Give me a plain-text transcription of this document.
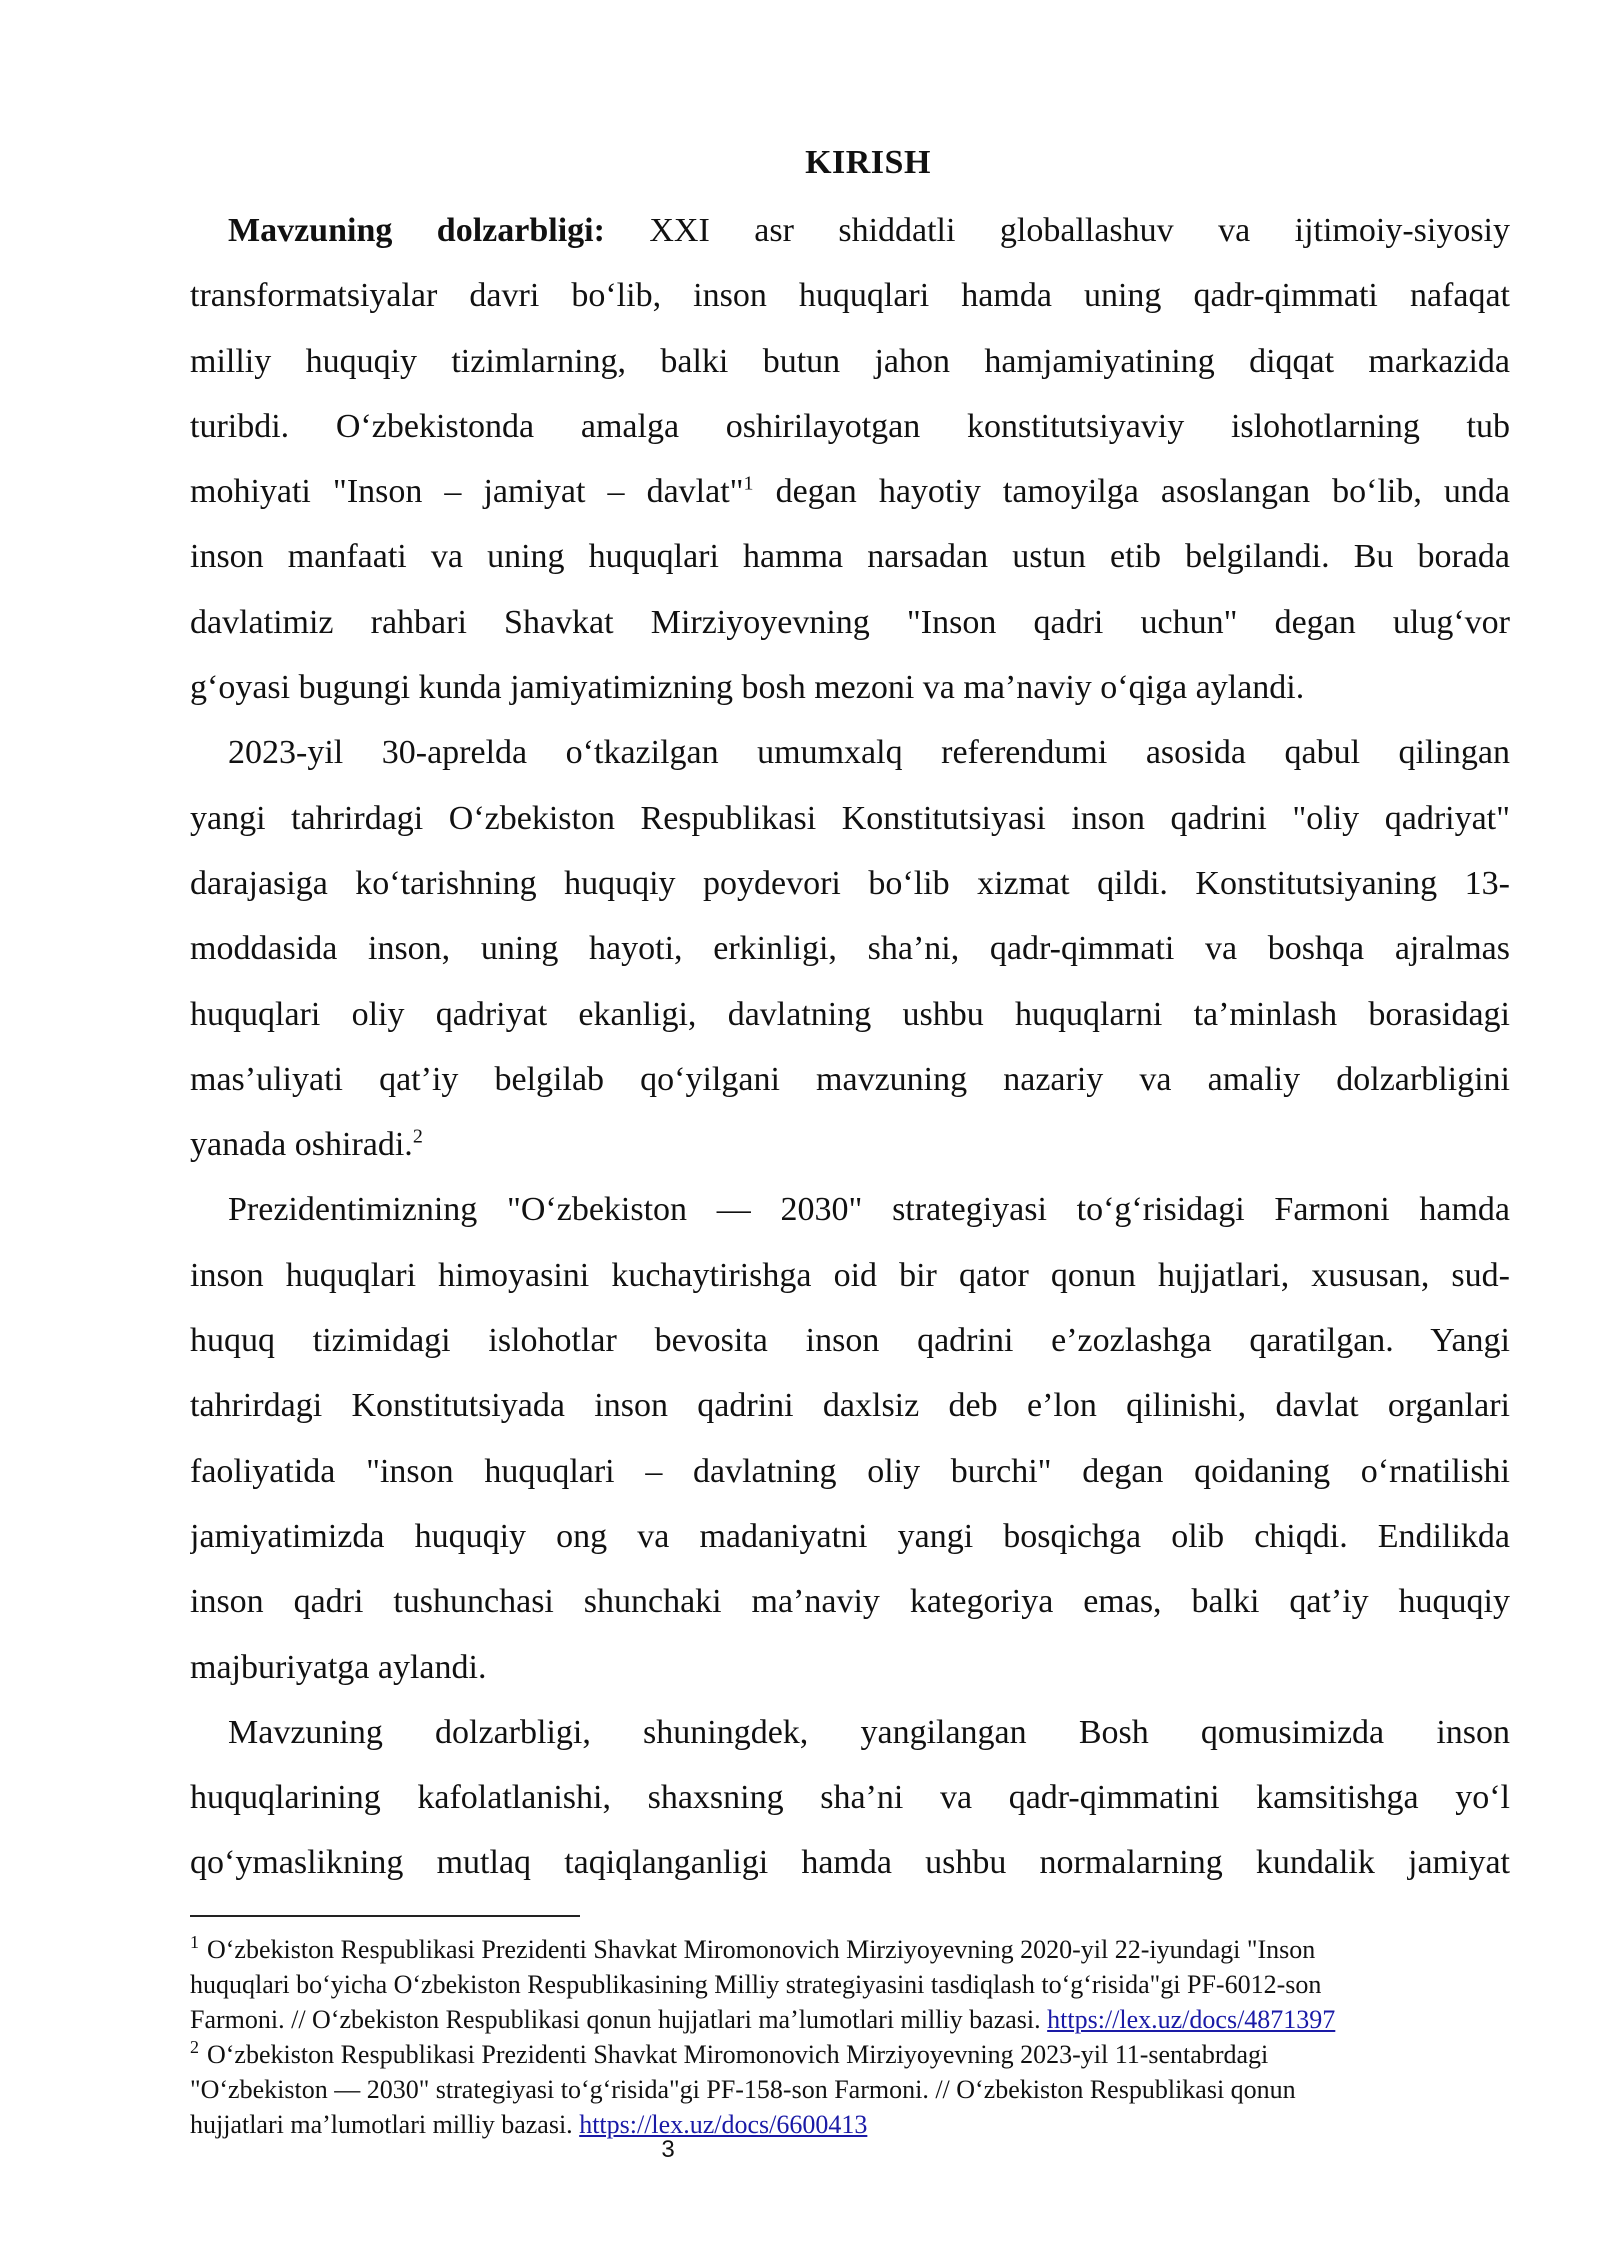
KIRISH
Mavzuning dolzarbligi: XXI asr shiddatli globallashuv va ijtimoiy-siyosiy
transformatsiyalar davri bo‘lib, inson huquqlari hamda uning qadr-qimmati nafaqat
milliy huquqiy tizimlarning, balki butun jahon hamjamiyatining diqqat markazida
turibdi. O‘zbekistonda amalga oshirilayotgan konstitutsiyaviy islohotlarning tub
mohiyati "Inson – jamiyat – davlat"$^1$ degan hayotiy tamoyilga asoslangan bo‘lib, unda
inson manfaati va uning huquqlari hamma narsadan ustun etib belgilandi. Bu borada
davlatimiz rahbari Shavkat Mirziyoyevning "Inson qadri uchun" degan ulug‘vor
g‘oyasi bugungi kunda jamiyatimizning bosh mezoni va ma’naviy o‘qiga aylandi.
2023-yil 30-aprelda o‘tkazilgan umumxalq referendumi asosida qabul qilingan
yangi tahrirdagi O‘zbekiston Respublikasi Konstitutsiyasi inson qadrini "oliy qadriyat"
darajasiga ko‘tarishning huquqiy poydevori bo‘lib xizmat qildi. Konstitutsiyaning 13-
moddasida inson, uning hayoti, erkinligi, sha’ni, qadr-qimmati va boshqa ajralmas
huquqlari oliy qadriyat ekanligi, davlatning ushbu huquqlarni ta’minlash borasidagi
mas’uliyati qat’iy belgilab qo‘yilgani mavzuning nazariy va amaliy dolzarbligini
yanada oshiradi.$^2$
Prezidentimizning "O‘zbekiston — 2030" strategiyasi to‘g‘risidagi Farmoni hamda
inson huquqlari himoyasini kuchaytirishga oid bir qator qonun hujjatlari, xususan, sud-
huquq tizimidagi islohotlar bevosita inson qadrini e’zozlashga qaratilgan. Yangi
tahrirdagi Konstitutsiyada inson qadrini daxlsiz deb e’lon qilinishi, davlat organlari
faoliyatida "inson huquqlari – davlatning oliy burchi" degan qoidaning o‘rnatilishi
jamiyatimizda huquqiy ong va madaniyatni yangi bosqichga olib chiqdi. Endilikda
inson qadri tushunchasi shunchaki ma’naviy kategoriya emas, balki qat’iy huquqiy
majburiyatga aylandi.
Mavzuning dolzarbligi, shuningdek, yangilangan Bosh qomusimizda inson
huquqlarining kafolatlanishi, shaxsning sha’ni va qadr-qimmatini kamsitishga yo‘l
qo‘ymaslikning mutlaq taqiqlanganligi hamda ushbu normalarning kundalik jamiyat
$^1$ O‘zbekiston Respublikasi Prezidenti Shavkat Miromonovich Mirziyoyevning 2020-yil 22-iyundagi "Inson
huquqlari bo‘yicha O‘zbekiston Respublikasining Milliy strategiyasini tasdiqlash to‘g‘risida"gi PF-6012-son
Farmoni. // O‘zbekiston Respublikasi qonun hujjatlari ma’lumotlari milliy bazasi. https://lex.uz/docs/4871397
$^2$ O‘zbekiston Respublikasi Prezidenti Shavkat Miromonovich Mirziyoyevning 2023-yil 11-sentabrdagi
"O‘zbekiston — 2030" strategiyasi to‘g‘risida"gi PF-158-son Farmoni. // O‘zbekiston Respublikasi qonun
hujjatlari ma’lumotlari milliy bazasi. https://lex.uz/docs/6600413
3
